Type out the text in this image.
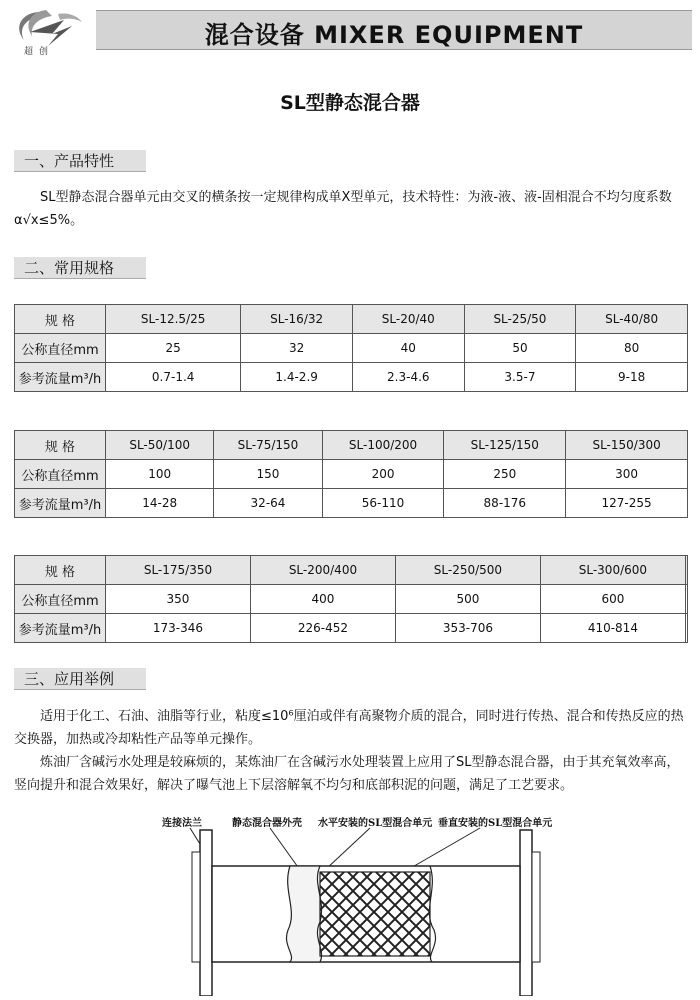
超创
混合设备 MIXER EQUIPMENT
SL型静态混合器
一、产品特性

SL型静态混合器单元由交叉的横条按一定规律构成单X型单元，技术特性：为液-液、液-固相混合不均匀度系数 α√x≤5%。

二、常用规格
规 格	SL-12.5/25	SL-16/32	SL-20/40	SL-25/50	SL-40/80
公称直径mm	25	32	40	50	80
参考流量m³/h	0.7-1.4	1.4-2.9	2.3-4.6	3.5-7	9-18
规 格	SL-50/100	SL-75/150	SL-100/200	SL-125/150	SL-150/300
公称直径mm	100	150	200	250	300
参考流量m³/h	14-28	32-64	56-110	88-176	127-255
规 格	SL-175/350	SL-200/400	SL-250/500	SL-300/600	
公称直径mm	350	400	500	600	
参考流量m³/h	173-346	226-452	353-706	410-814	
三、应用举例

适用于化工、石油、油脂等行业，粘度≤10⁶厘泊或伴有高聚物介质的混合，同时进行传热、混合和传热反应的热交换器，加热或冷却粘性产品等单元操作。

炼油厂含碱污水处理是较麻烦的，某炼油厂在含碱污水处理装置上应用了SL型静态混合器，由于其充氧效率高，竖向提升和混合效果好，解决了曝气池上下层溶解氧不均匀和底部积泥的问题，满足了工艺要求。

连接法兰	静态混合器外壳 水平安装的SL型混合单元 垂直安装的SL型混合单元
